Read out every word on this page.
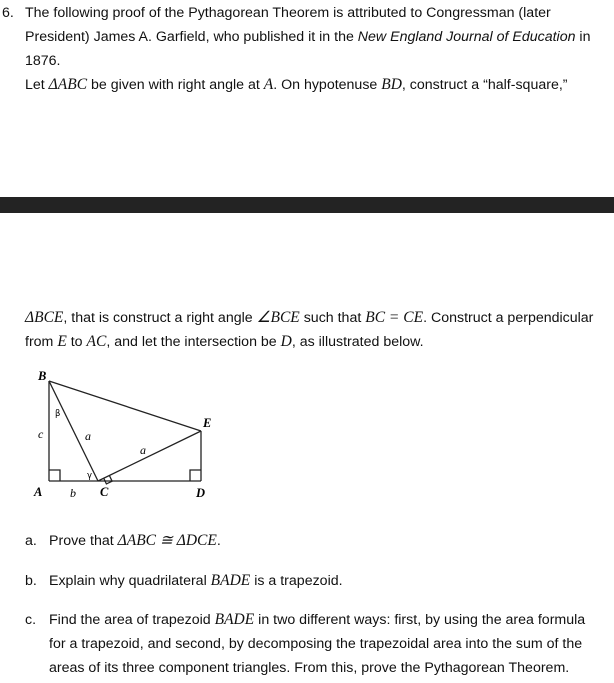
6. The following proof of the Pythagorean Theorem is attributed to Congressman (later
President) James A. Garfield, who published it in the New England Journal of Education in
1876.
Let ΔABC be given with right angle at A. On hypotenuse BD, construct a “half-square,”
ΔBCE, that is construct a right angle ∠BCE such that BC = CE. Construct a perpendicular
from E to AC, and let the intersection be D, as illustrated below.
B
E
A	C	D
c
b
a
a
β
γ
a. Prove that ΔABC ≅ ΔDCE.
b. Explain why quadrilateral BADE is a trapezoid.
c. Find the area of trapezoid BADE in two different ways: first, by using the area formula
for a trapezoid, and second, by decomposing the trapezoidal area into the sum of the
areas of its three component triangles. From this, prove the Pythagorean Theorem.
